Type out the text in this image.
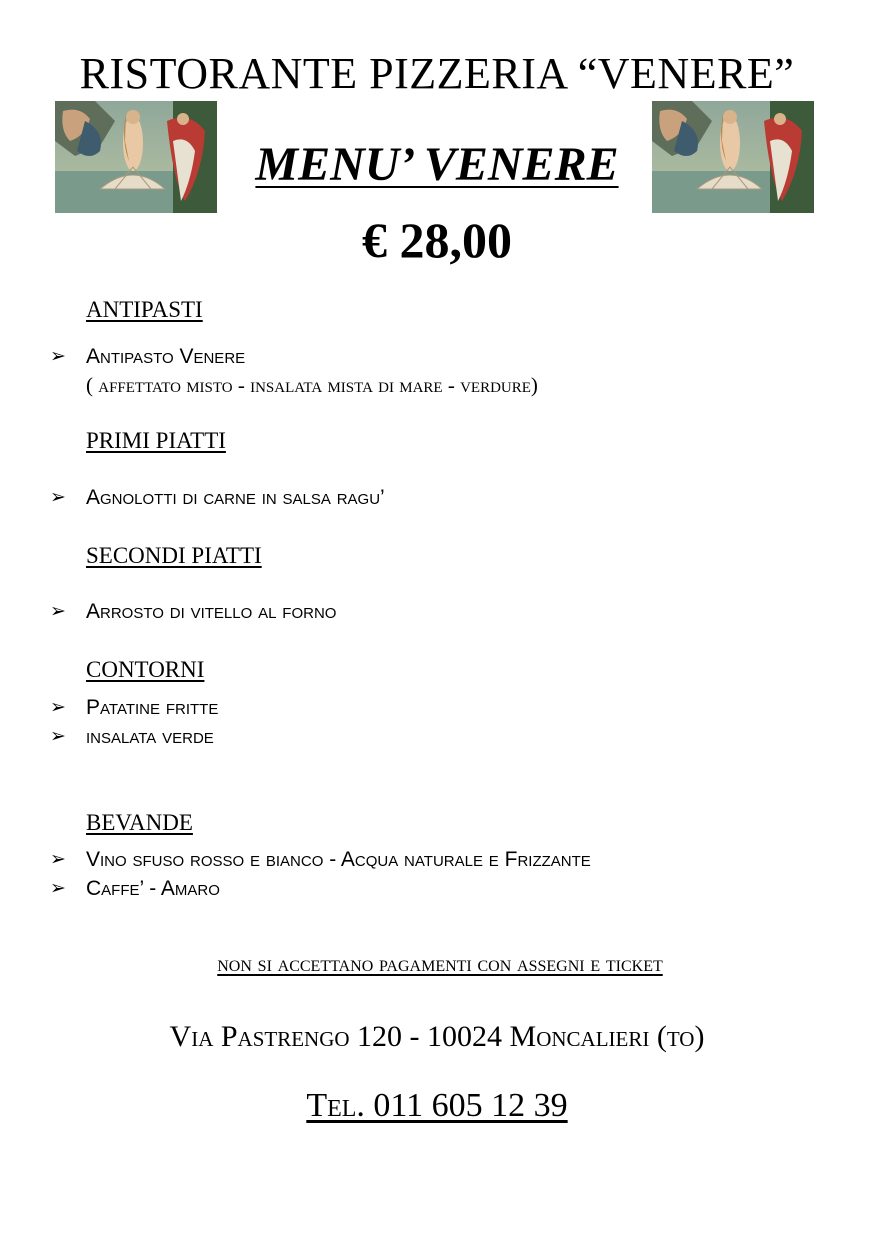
RISTORANTE PIZZERIA “VENERE”
MENU’ VENERE
€ 28,00
ANTIPASTI
➢ Antipasto Venere
( affettato misto - insalata mista di mare - verdure)
PRIMI PIATTI
➢ Agnolotti di carne in salsa ragu’
SECONDI PIATTI
➢ Arrosto di vitello al forno
CONTORNI
➢ Patatine fritte
➢ insalata verde
BEVANDE
➢ Vino sfuso rosso e bianco - Acqua naturale e Frizzante
➢ Caffe’ - Amaro
non si accettano pagamenti con assegni e ticket
Via Pastrengo 120 - 10024 Moncalieri (to)
Tel. 011 605 12 39
